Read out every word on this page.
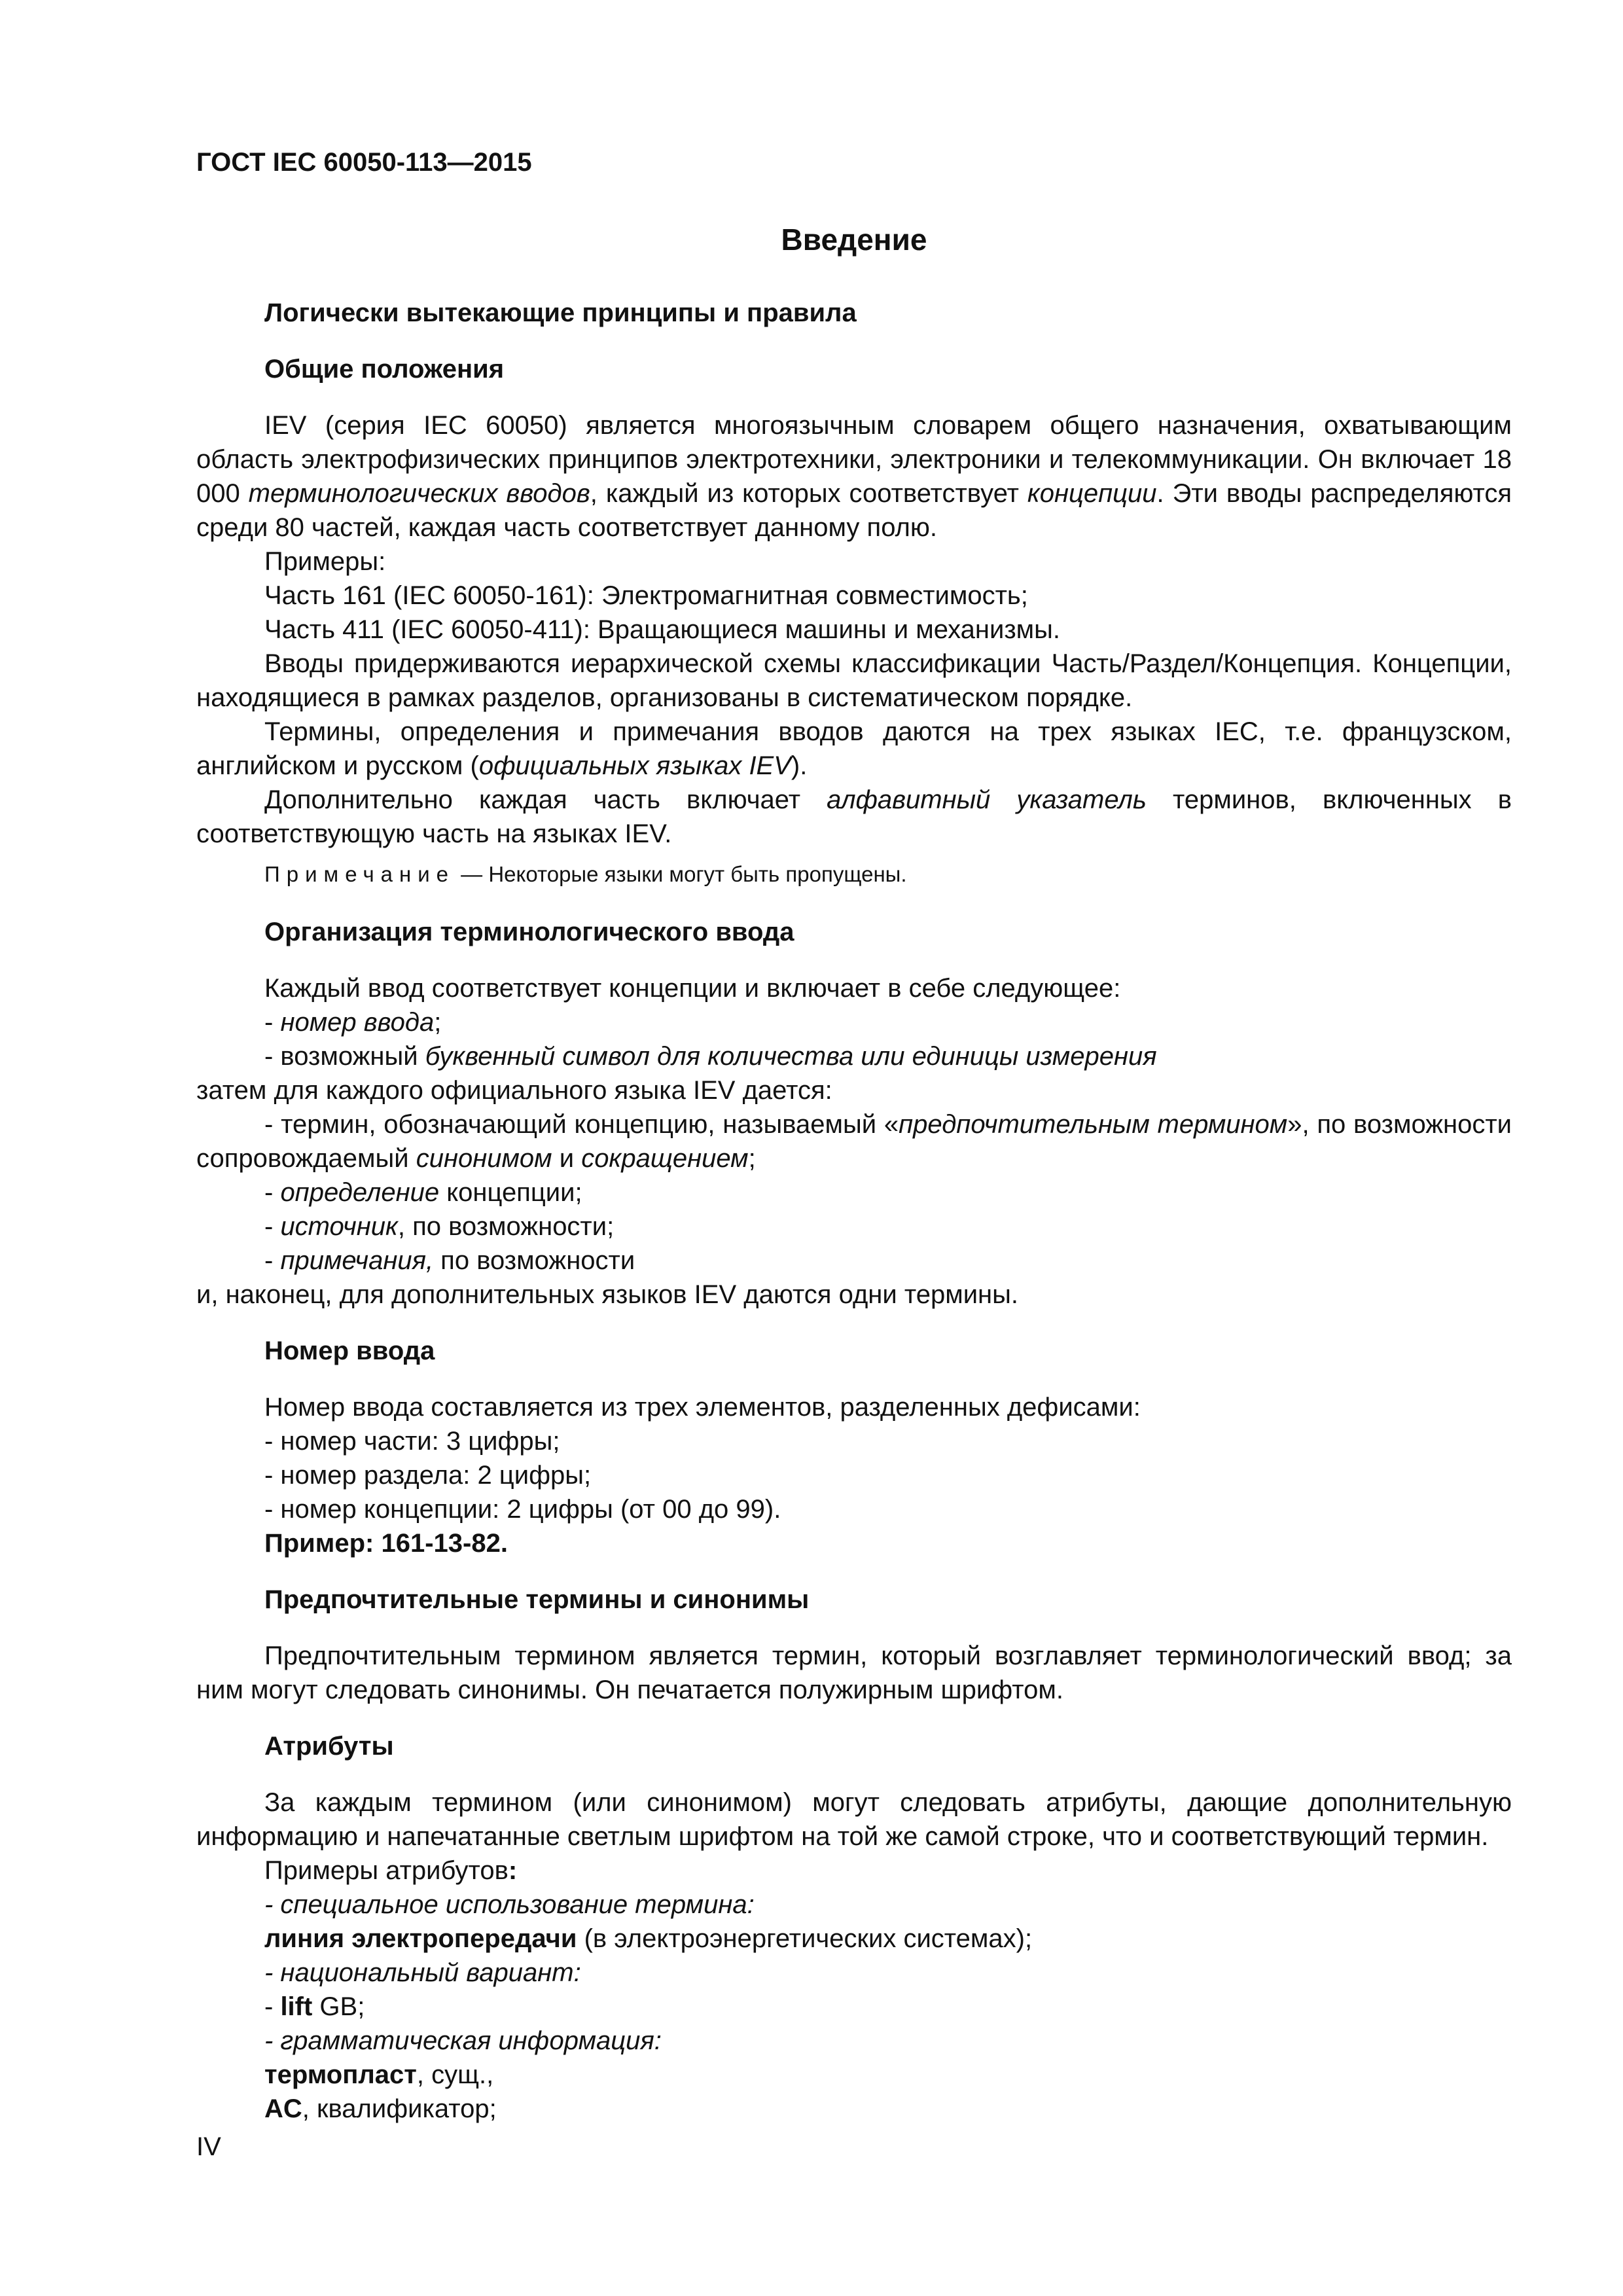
ГОСТ IEC 60050-113—2015
Введение
Логически вытекающие принципы и правила
Общие положения

IEV (серия IEC 60050) является многоязычным словарем общего назначения, охватывающим область электрофизических принципов электротехники, электроники и телекоммуникации. Он включает 18 000 терминологических вводов, каждый из которых соответствует концепции. Эти вводы распределяются среди 80 частей, каждая часть соответствует данному полю.

Примеры:

Часть 161 (IEC 60050-161): Электромагнитная совместимость;

Часть 411 (IEC 60050-411): Вращающиеся машины и механизмы.

Вводы придерживаются иерархической схемы классификации Часть/Раздел/Концепция. Концепции, находящиеся в рамках разделов, организованы в систематическом порядке.

Термины, определения и примечания вводов даются на трех языках IEC, т.е. французском, английском и русском (официальных языках IEV).

Дополнительно каждая часть включает алфавитный указатель терминов, включенных в соответствующую часть на языках IEV.

Примечание — Некоторые языки могут быть пропущены.
Организация терминологического ввода

Каждый ввод соответствует концепции и включает в себе следующее:

- номер ввода;

- возможный буквенный символ для количества или единицы измерения

затем для каждого официального языка IEV дается:

- термин, обозначающий концепцию, называемый «предпочтительным термином», по возможности сопровождаемый синонимом и сокращением;

- определение концепции;

- источник, по возможности;

- примечания, по возможности

и, наконец, для дополнительных языков IEV даются одни термины.

Номер ввода

Номер ввода составляется из трех элементов, разделенных дефисами:

- номер части: 3 цифры;

- номер раздела: 2 цифры;

- номер концепции: 2 цифры (от 00 до 99).

Пример: 161-13-82.

Предпочтительные термины и синонимы

Предпочтительным термином является термин, который возглавляет терминологический ввод; за ним могут следовать синонимы. Он печатается полужирным шрифтом.

Атрибуты

За каждым термином (или синонимом) могут следовать атрибуты, дающие дополнительную информацию и напечатанные светлым шрифтом на той же самой строке, что и соответствующий термин.

Примеры атрибутов:

- специальное использование термина:

линия электропередачи (в электроэнергетических системах);

- национальный вариант:

- lift GB;

- грамматическая информация:

термопласт, сущ.,

AC, квалификатор;

IV
